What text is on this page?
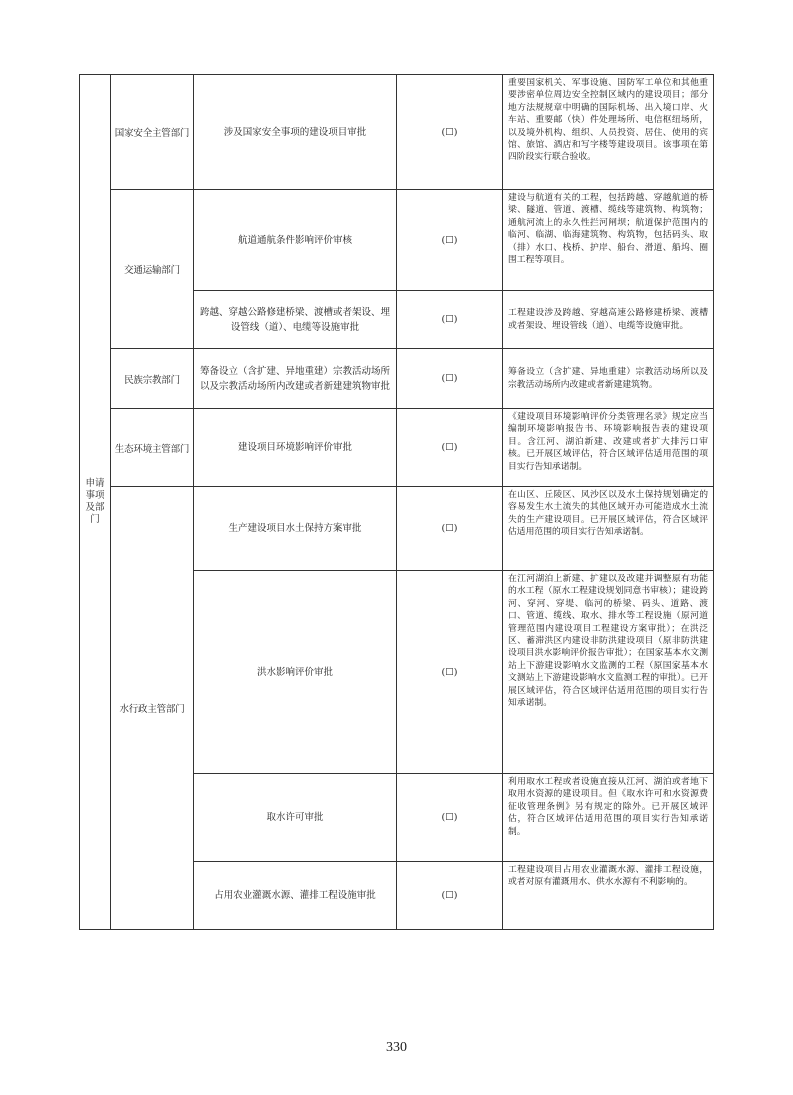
申请事项及部门	国家安全主管部门	涉及国家安全事项的建设项目审批	(☐)	重要国家机关、军事设施、国防军工单位和其他重要涉密单位周边安全控制区域内的建设项目；部分地方法规规章中明确的国际机场、出入境口岸、火车站、重要邮（快）件处理场所、电信枢纽场所，以及境外机构、组织、人员投资、居住、使用的宾馆、旅馆、酒店和写字楼等建设项目。该事项在第四阶段实行联合验收。
	交通运输部门	航道通航条件影响评价审核	(☐)	建设与航道有关的工程，包括跨越、穿越航道的桥梁、隧道、管道、渡槽、缆线等建筑物、构筑物；通航河流上的永久性拦河闸坝；航道保护范围内的临河、临湖、临海建筑物、构筑物，包括码头、取（排）水口、栈桥、护岸、船台、滑道、船坞、圈围工程等项目。
		跨越、穿越公路修建桥梁、渡槽或者架设、埋设管线（道）、电缆等设施审批	(☐)	工程建设涉及跨越、穿越高速公路修建桥梁、渡槽或者架设、埋设管线（道）、电缆等设施审批。
	民族宗教部门	筹备设立（含扩建、异地重建）宗教活动场所以及宗教活动场所内改建或者新建建筑物审批	(☐)	筹备设立（含扩建、异地重建）宗教活动场所以及宗教活动场所内改建或者新建建筑物。
	生态环境主管部门	建设项目环境影响评价审批	(☐)	《建设项目环境影响评价分类管理名录》规定应当编制环境影响报告书、环境影响报告表的建设项目。含江河、湖泊新建、改建或者扩大排污口审核。已开展区域评估，符合区域评估适用范围的项目实行告知承诺制。
	水行政主管部门	生产建设项目水土保持方案审批	(☐)	在山区、丘陵区、风沙区以及水土保持规划确定的容易发生水土流失的其他区域开办可能造成水土流失的生产建设项目。已开展区域评估，符合区域评估适用范围的项目实行告知承诺制。
		洪水影响评价审批	(☐)	在江河湖泊上新建、扩建以及改建并调整原有功能的水工程（原水工程建设规划同意书审核）；建设跨河、穿河、穿堤、临河的桥梁、码头、道路、渡口、管道、缆线、取水、排水等工程设施（原河道管理范围内建设项目工程建设方案审批）；在洪泛区、蓄滞洪区内建设非防洪建设项目（原非防洪建设项目洪水影响评价报告审批）；在国家基本水文测站上下游建设影响水文监测的工程（原国家基本水文测站上下游建设影响水文监测工程的审批）。已开展区域评估，符合区域评估适用范围的项目实行告知承诺制。
		取水许可审批	(☐)	利用取水工程或者设施直接从江河、湖泊或者地下取用水资源的建设项目。但《取水许可和水资源费征收管理条例》另有规定的除外。已开展区域评估，符合区域评估适用范围的项目实行告知承诺制。
		占用农业灌溉水源、灌排工程设施审批	(☐)	工程建设项目占用农业灌溉水源、灌排工程设施，或者对原有灌溉用水、供水水源有不利影响的。
330
